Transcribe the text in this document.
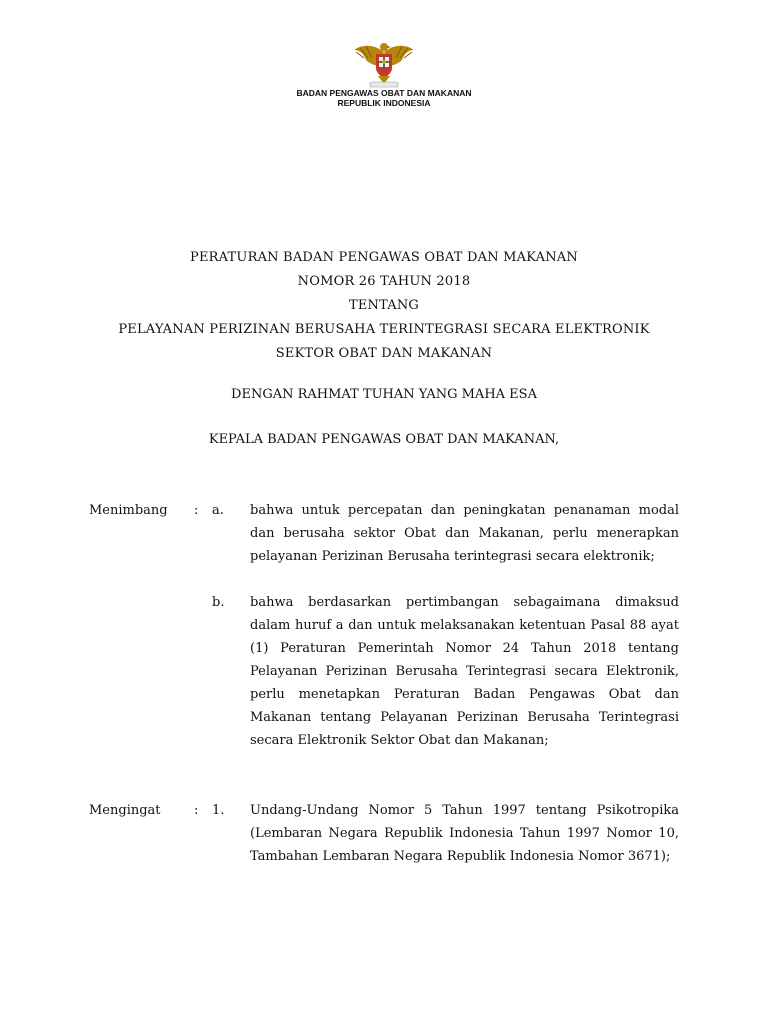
BADAN PENGAWAS OBAT DAN MAKANAN
REPUBLIK INDONESIA
PERATURAN BADAN PENGAWAS OBAT DAN MAKANAN
NOMOR 26 TAHUN 2018
TENTANG
PELAYANAN PERIZINAN BERUSAHA TERINTEGRASI SECARA ELEKTRONIK
SEKTOR OBAT DAN MAKANAN
DENGAN RAHMAT TUHAN YANG MAHA ESA
KEPALA BADAN PENGAWAS OBAT DAN MAKANAN,
Menimbang : a. bahwa untuk percepatan dan peningkatan penanaman modal dan berusaha sektor Obat dan Makanan, perlu menerapkan pelayanan Perizinan Berusaha terintegrasi secara elektronik;
b. bahwa berdasarkan pertimbangan sebagaimana dimaksud dalam huruf a dan untuk melaksanakan ketentuan Pasal 88 ayat (1) Peraturan Pemerintah Nomor 24 Tahun 2018 tentang Pelayanan Perizinan Berusaha Terintegrasi secara Elektronik, perlu menetapkan Peraturan Badan Pengawas Obat dan Makanan tentang Pelayanan Perizinan Berusaha Terintegrasi secara Elektronik Sektor Obat dan Makanan;
Mengingat	: 1. Undang-Undang Nomor 5 Tahun 1997 tentang Psikotropika (Lembaran Negara Republik Indonesia Tahun 1997 Nomor 10, Tambahan Lembaran Negara Republik Indonesia Nomor 3671);
